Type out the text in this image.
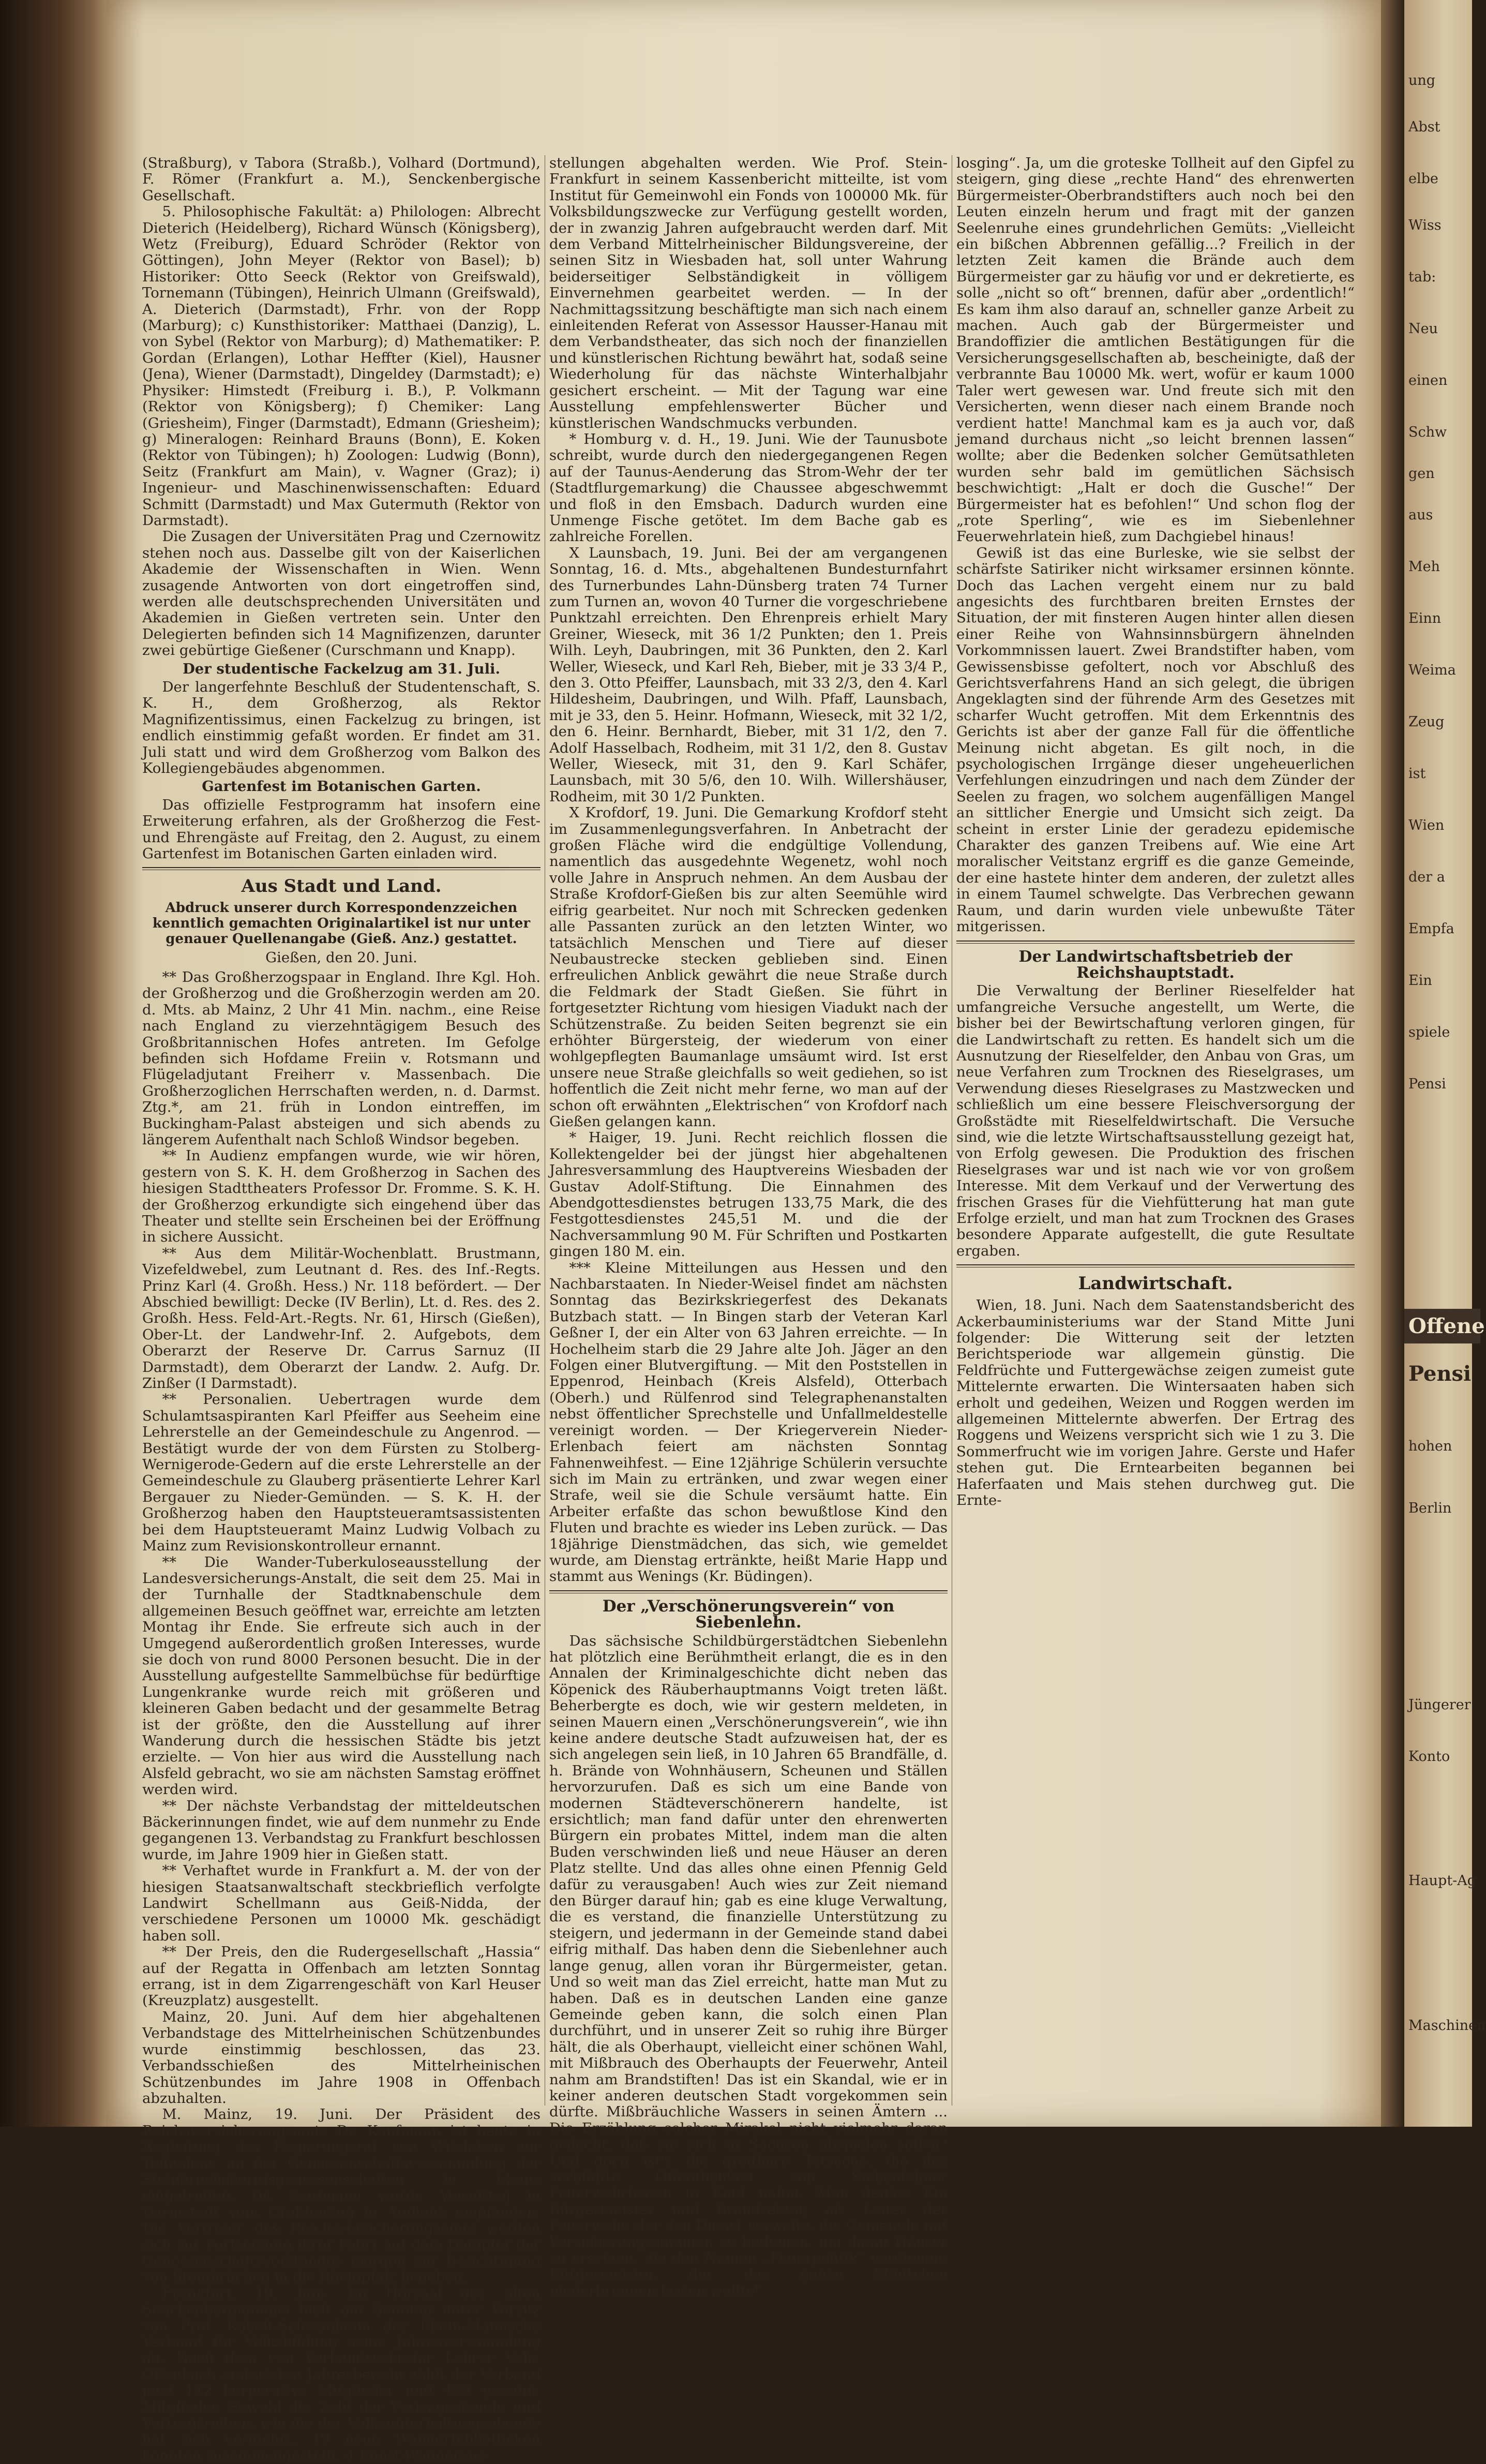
(Straßburg), v Tabora (Straßb.), Volhard (Dortmund), F. Römer (Frankfurt a. M.), Senckenbergische Gesellschaft.

5. Philosophische Fakultät: a) Philologen: Albrecht Dieterich (Heidelberg), Richard Wünsch (Königsberg), Wetz (Freiburg), Eduard Schröder (Rektor von Göttingen), John Meyer (Rektor von Basel); b) Historiker: Otto Seeck (Rektor von Greifswald), Tornemann (Tübingen), Heinrich Ulmann (Greifswald), A. Dieterich (Darmstadt), Frhr. von der Ropp (Marburg); c) Kunsthistoriker: Matthaei (Danzig), L. von Sybel (Rektor von Marburg); d) Mathematiker: P. Gordan (Erlangen), Lothar Heffter (Kiel), Hausner (Jena), Wiener (Darmstadt), Dingeldey (Darmstadt); e) Physiker: Himstedt (Freiburg i. B.), P. Volkmann (Rektor von Königsberg); f) Chemiker: Lang (Griesheim), Finger (Darmstadt), Edmann (Griesheim); g) Mineralogen: Reinhard Brauns (Bonn), E. Koken (Rektor von Tübingen); h) Zoologen: Ludwig (Bonn), Seitz (Frankfurt am Main), v. Wagner (Graz); i) Ingenieur- und Maschinenwissenschaften: Eduard Schmitt (Darmstadt) und Max Gutermuth (Rektor von Darmstadt).

Die Zusagen der Universitäten Prag und Czernowitz stehen noch aus. Dasselbe gilt von der Kaiserlichen Akademie der Wissenschaften in Wien. Wenn zusagende Antworten von dort eingetroffen sind, werden alle deutschsprechenden Universitäten und Akademien in Gießen vertreten sein. Unter den Delegierten befinden sich 14 Magnifizenzen, darunter zwei gebürtige Gießener (Curschmann und Knapp).

Der studentische Fackelzug am 31. Juli.

Der langerfehnte Beschluß der Studentenschaft, S. K. H., dem Großherzog, als Rektor Magnifizentissimus, einen Fackelzug zu bringen, ist endlich einstimmig gefaßt worden. Er findet am 31. Juli statt und wird dem Großherzog vom Balkon des Kollegiengebäudes abgenommen.

Gartenfest im Botanischen Garten.

Das offizielle Festprogramm hat insofern eine Erweiterung erfahren, als der Großherzog die Fest- und Ehrengäste auf Freitag, den 2. August, zu einem Gartenfest im Botanischen Garten einladen wird.

Aus Stadt und Land.
Abdruck unserer durch Korrespondenzzeichen kenntlich gemachten Originalartikel ist nur unter genauer Quellenangabe (Gieß. Anz.) gestattet.
Gießen, den 20. Juni.

** Das Großherzogspaar in England. Ihre Kgl. Hoh. der Großherzog und die Großherzogin werden am 20. d. Mts. ab Mainz, 2 Uhr 41 Min. nachm., eine Reise nach England zu vierzehntägigem Besuch des Großbritannischen Hofes antreten. Im Gefolge befinden sich Hofdame Freiin v. Rotsmann und Flügeladjutant Freiherr v. Massenbach. Die Großherzoglichen Herrschaften werden, n. d. Darmst. Ztg.*, am 21. früh in London eintreffen, im Buckingham-Palast absteigen und sich abends zu längerem Aufenthalt nach Schloß Windsor begeben.

** In Audienz empfangen wurde, wie wir hören, gestern von S. K. H. dem Großherzog in Sachen des hiesigen Stadttheaters Professor Dr. Fromme. S. K. H. der Großherzog erkundigte sich eingehend über das Theater und stellte sein Erscheinen bei der Eröffnung in sichere Aussicht.

** Aus dem Militär-Wochenblatt. Brustmann, Vizefeldwebel, zum Leutnant d. Res. des Inf.-Regts. Prinz Karl (4. Großh. Hess.) Nr. 118 befördert. — Der Abschied bewilligt: Decke (IV Berlin), Lt. d. Res. des 2. Großh. Hess. Feld-Art.-Regts. Nr. 61, Hirsch (Gießen), Ober-Lt. der Landwehr-Inf. 2. Aufgebots, dem Oberarzt der Reserve Dr. Carrus Sarnuz (II Darmstadt), dem Oberarzt der Landw. 2. Aufg. Dr. Zinßer (I Darmstadt).

** Personalien. Uebertragen wurde dem Schulamtsaspiranten Karl Pfeiffer aus Seeheim eine Lehrerstelle an der Gemeindeschule zu Angenrod. — Bestätigt wurde der von dem Fürsten zu Stolberg-Wernigerode-Gedern auf die erste Lehrerstelle an der Gemeindeschule zu Glauberg präsentierte Lehrer Karl Bergauer zu Nieder-Gemünden. — S. K. H. der Großherzog haben den Hauptsteueramtsassistenten bei dem Hauptsteueramt Mainz Ludwig Volbach zu Mainz zum Revisionskontrolleur ernannt.

** Die Wander-Tuberkuloseausstellung der Landesversicherungs-Anstalt, die seit dem 25. Mai in der Turnhalle der Stadtknabenschule dem allgemeinen Besuch geöffnet war, erreichte am letzten Montag ihr Ende. Sie erfreute sich auch in der Umgegend außerordentlich großen Interesses, wurde sie doch von rund 8000 Personen besucht. Die in der Ausstellung aufgestellte Sammelbüchse für bedürftige Lungenkranke wurde reich mit größeren und kleineren Gaben bedacht und der gesammelte Betrag ist der größte, den die Ausstellung auf ihrer Wanderung durch die hessischen Städte bis jetzt erzielte. — Von hier aus wird die Ausstellung nach Alsfeld gebracht, wo sie am nächsten Samstag eröffnet werden wird.

** Der nächste Verbandstag der mitteldeutschen Bäckerinnungen findet, wie auf dem nunmehr zu Ende gegangenen 13. Verbandstag zu Frankfurt beschlossen wurde, im Jahre 1909 hier in Gießen statt.

** Verhaftet wurde in Frankfurt a. M. der von der hiesigen Staatsanwaltschaft steckbrieflich verfolgte Landwirt Schellmann aus Geiß-Nidda, der verschiedene Personen um 10000 Mk. geschädigt haben soll.

** Der Preis, den die Rudergesellschaft „Hassia“ auf der Regatta in Offenbach am letzten Sonntag errang, ist in dem Zigarrengeschäft von Karl Heuser (Kreuzplatz) ausgestellt.

Mainz, 20. Juni. Auf dem hier abgehaltenen Verbandstage des Mittelrheinischen Schützenbundes wurde einstimmig beschlossen, das 23. Verbandsschießen des Mittelrheinischen Schützenbundes im Jahre 1908 in Offenbach abzuhalten.

M. Mainz, 19. Juni. Der Präsident des Reichsversicherungsamts Dr. Kaufmann ist heute in Begleitung des Regierungsrat von Witzleben zur Teilnahme an der Genossenschaftsversammlung der Steinbruchsberufsgenossenschaften in Mainz eingetroffen. Dr. Kaufmann wurde Vormittag in Darmstadt vom Großherzog in Audienz empfangen. Die Vertreter des Reichsversicherungsamts werden sich zur Fortsetzung ihrer Fahrt auf dem Dampfer der Genossenschaftsvorstandes morgen zur Besichtigung von Steinbrüchen in die Rheinpfalz begeben.

Frankfurt, 19. Juni. Im Hörsaal des alten Senckenbergianums hielt am Sonntag unter Vorsitz von Prof. Kobelt-Schwanheim der Rhein-Mainische Verband für Volksbildung seine Jahresversammlung ab. Nach dem von Verbandssekretär Lehrer Volk-Offenbach erstatteten Jahresbericht zählt der Verband jetzt 112 korporative Mitglieder und 488 persönl. Mitglieder. Sowohl die Zahl der Vortragsabende und Vortragsreihen, wie die der Volksunterhaltungsabende hat sich vermehrt, 19 neue Wanderbibliotheken konnten zusammengestellt, 4 Kunst-Wanderaus-

stellungen abgehalten werden. Wie Prof. Stein-Frankfurt in seinem Kassenbericht mitteilte, ist vom Institut für Gemeinwohl ein Fonds von 100000 Mk. für Volksbildungszwecke zur Verfügung gestellt worden, der in zwanzig Jahren aufgebraucht werden darf. Mit dem Verband Mittelrheinischer Bildungsvereine, der seinen Sitz in Wiesbaden hat, soll unter Wahrung beiderseitiger Selbständigkeit in völligem Einvernehmen gearbeitet werden. — In der Nachmittagssitzung beschäftigte man sich nach einem einleitenden Referat von Assessor Hausser-Hanau mit dem Verbandstheater, das sich noch der finanziellen und künstlerischen Richtung bewährt hat, sodaß seine Wiederholung für das nächste Winterhalbjahr gesichert erscheint. — Mit der Tagung war eine Ausstellung empfehlenswerter Bücher und künstlerischen Wandschmucks verbunden.

* Homburg v. d. H., 19. Juni. Wie der Taunusbote schreibt, wurde durch den niedergegangenen Regen auf der Taunus-Aenderung das Strom-Wehr der ter (Stadtflurgemarkung) die Chaussee abgeschwemmt und floß in den Emsbach. Dadurch wurden eine Unmenge Fische getötet. Im dem Bache gab es zahlreiche Forellen.

X Launsbach, 19. Juni. Bei der am vergangenen Sonntag, 16. d. Mts., abgehaltenen Bundesturnfahrt des Turnerbundes Lahn-Dünsberg traten 74 Turner zum Turnen an, wovon 40 Turner die vorgeschriebene Punktzahl erreichten. Den Ehrenpreis erhielt Mary Greiner, Wieseck, mit 36 1/2 Punkten; den 1. Preis Wilh. Leyh, Daubringen, mit 36 Punkten, den 2. Karl Weller, Wieseck, und Karl Reh, Bieber, mit je 33 3/4 P., den 3. Otto Pfeiffer, Launsbach, mit 33 2/3, den 4. Karl Hildesheim, Daubringen, und Wilh. Pfaff, Launsbach, mit je 33, den 5. Heinr. Hofmann, Wieseck, mit 32 1/2, den 6. Heinr. Bernhardt, Bieber, mit 31 1/2, den 7. Adolf Hasselbach, Rodheim, mit 31 1/2, den 8. Gustav Weller, Wieseck, mit 31, den 9. Karl Schäfer, Launsbach, mit 30 5/6, den 10. Wilh. Willershäuser, Rodheim, mit 30 1/2 Punkten.

X Krofdorf, 19. Juni. Die Gemarkung Krofdorf steht im Zusammenlegungsverfahren. In Anbetracht der großen Fläche wird die endgültige Vollendung, namentlich das ausgedehnte Wegenetz, wohl noch volle Jahre in Anspruch nehmen. An dem Ausbau der Straße Krofdorf-Gießen bis zur alten Seemühle wird eifrig gearbeitet. Nur noch mit Schrecken gedenken alle Passanten zurück an den letzten Winter, wo tatsächlich Menschen und Tiere auf dieser Neubaustrecke stecken geblieben sind. Einen erfreulichen Anblick gewährt die neue Straße durch die Feldmark der Stadt Gießen. Sie führt in fortgesetzter Richtung vom hiesigen Viadukt nach der Schützenstraße. Zu beiden Seiten begrenzt sie ein erhöhter Bürgersteig, der wiederum von einer wohlgepflegten Baumanlage umsäumt wird. Ist erst unsere neue Straße gleichfalls so weit gediehen, so ist hoffentlich die Zeit nicht mehr ferne, wo man auf der schon oft erwähnten „Elektrischen“ von Krofdorf nach Gießen gelangen kann.

* Haiger, 19. Juni. Recht reichlich flossen die Kollektengelder bei der jüngst hier abgehaltenen Jahresversammlung des Hauptvereins Wiesbaden der Gustav Adolf-Stiftung. Die Einnahmen des Abendgottesdienstes betrugen 133,75 Mark, die des Festgottesdienstes 245,51 M. und die der Nachversammlung 90 M. Für Schriften und Postkarten gingen 180 M. ein.

*** Kleine Mitteilungen aus Hessen und den Nachbarstaaten. In Nieder-Weisel findet am nächsten Sonntag das Bezirkskriegerfest des Dekanats Butzbach statt. — In Bingen starb der Veteran Karl Geßner I, der ein Alter von 63 Jahren erreichte. — In Hochelheim starb die 29 Jahre alte Joh. Jäger an den Folgen einer Blutvergiftung. — Mit den Poststellen in Eppenrod, Heinbach (Kreis Alsfeld), Otterbach (Oberh.) und Rülfenrod sind Telegraphenanstalten nebst öffentlicher Sprechstelle und Unfallmeldestelle vereinigt worden. — Der Kriegerverein Nieder-Erlenbach feiert am nächsten Sonntag Fahnenweihfest. — Eine 12jährige Schülerin versuchte sich im Main zu ertränken, und zwar wegen einer Strafe, weil sie die Schule versäumt hatte. Ein Arbeiter erfaßte das schon bewußtlose Kind den Fluten und brachte es wieder ins Leben zurück. — Das 18jährige Dienstmädchen, das sich, wie gemeldet wurde, am Dienstag ertränkte, heißt Marie Happ und stammt aus Wenings (Kr. Büdingen).

Der „Verschönerungsverein“ von Siebenlehn.

Das sächsische Schildbürgerstädtchen Siebenlehn hat plötzlich eine Berühmtheit erlangt, die es in den Annalen der Kriminalgeschichte dicht neben das Köpenick des Räuberhauptmanns Voigt treten läßt. Beherbergte es doch, wie wir gestern meldeten, in seinen Mauern einen „Verschönerungsverein“, wie ihn keine andere deutsche Stadt aufzuweisen hat, der es sich angelegen sein ließ, in 10 Jahren 65 Brandfälle, d. h. Brände von Wohnhäusern, Scheunen und Ställen hervorzurufen. Daß es sich um eine Bande von modernen Städteverschönerern handelte, ist ersichtlich; man fand dafür unter den ehrenwerten Bürgern ein probates Mittel, indem man die alten Buden verschwinden ließ und neue Häuser an deren Platz stellte. Und das alles ohne einen Pfennig Geld dafür zu verausgaben! Auch wies zur Zeit niemand den Bürger darauf hin; gab es eine kluge Verwaltung, die es verstand, die finanzielle Unterstützung zu steigern, und jedermann in der Gemeinde stand dabei eifrig mithalf. Das haben denn die Siebenlehner auch lange genug, allen voran ihr Bürgermeister, getan. Und so weit man das Ziel erreicht, hatte man Mut zu haben. Daß es in deutschen Landen eine ganze Gemeinde geben kann, die solch einen Plan durchführt, und in unserer Zeit so ruhig ihre Bürger hält, die als Oberhaupt, vielleicht einer schönen Wahl, mit Mißbrauch des Oberhaupts der Feuerwehr, Anteil nahm am Brandstiften! Das ist ein Skandal, wie er in keiner anderen deutschen Stadt vorgekommen sein dürfte. Mißbräuchliche Wassers in seinen Ämtern ... Die Erzählung solcher Mirakel nicht vielmehr daran gedacht, daß sie sich in Sachsen abspielen sollen? Und doch ist's die greifbare Tatsache, die das verblüffte Öffentlichkeit von Siebenlehner Feuerwehrfesten in Kauf nahm. Man denke: Ein Bürgermeister und Brandrektor, als Leiter der Feuerwehr, der den Dienst verwalte, die Gemeinde mit Versicherungssummen zu bedienen, um damit Häuser zu ersetzen, die den Namen „Feuerpolitik“ verdienen; Bürgermeister, der das ganze Städtchen niederbrennen lassen wollte!

losging“. Ja, um die groteske Tollheit auf den Gipfel zu steigern, ging diese „rechte Hand“ des ehrenwerten Bürgermeister-Oberbrandstifters auch noch bei den Leuten einzeln herum und fragt mit der ganzen Seelenruhe eines grundehrlichen Gemüts: „Vielleicht ein bißchen Abbrennen gefällig...? Freilich in der letzten Zeit kamen die Brände auch dem Bürgermeister gar zu häufig vor und er dekretierte, es solle „nicht so oft“ brennen, dafür aber „ordentlich!“ Es kam ihm also darauf an, schneller ganze Arbeit zu machen. Auch gab der Bürgermeister und Brandoffizier die amtlichen Bestätigungen für die Versicherungsgesellschaften ab, bescheinigte, daß der verbrannte Bau 10000 Mk. wert, wofür er kaum 1000 Taler wert gewesen war. Und freute sich mit den Versicherten, wenn dieser nach einem Brande noch verdient hatte! Manchmal kam es ja auch vor, daß jemand durchaus nicht „so leicht brennen lassen“ wollte; aber die Bedenken solcher Gemütsathleten wurden sehr bald im gemütlichen Sächsisch beschwichtigt: „Halt er doch die Gusche!“ Der Bürgermeister hat es befohlen!“ Und schon flog der „rote Sperling“, wie es im Siebenlehner Feuerwehrlatein hieß, zum Dachgiebel hinaus!

Gewiß ist das eine Burleske, wie sie selbst der schärfste Satiriker nicht wirksamer ersinnen könnte. Doch das Lachen vergeht einem nur zu bald angesichts des furchtbaren breiten Ernstes der Situation, der mit finsteren Augen hinter allen diesen einer Reihe von Wahnsinnsbürgern ähnelnden Vorkommnissen lauert. Zwei Brandstifter haben, vom Gewissensbisse gefoltert, noch vor Abschluß des Gerichtsverfahrens Hand an sich gelegt, die übrigen Angeklagten sind der führende Arm des Gesetzes mit scharfer Wucht getroffen. Mit dem Erkenntnis des Gerichts ist aber der ganze Fall für die öffentliche Meinung nicht abgetan. Es gilt noch, in die psychologischen Irrgänge dieser ungeheuerlichen Verfehlungen einzudringen und nach dem Zünder der Seelen zu fragen, wo solchem augenfälligen Mangel an sittlicher Energie und Umsicht sich zeigt. Da scheint in erster Linie der geradezu epidemische Charakter des ganzen Treibens auf. Wie eine Art moralischer Veitstanz ergriff es die ganze Gemeinde, der eine hastete hinter dem anderen, der zuletzt alles in einem Taumel schwelgte. Das Verbrechen gewann Raum, und darin wurden viele unbewußte Täter mitgerissen.

Der Landwirtschaftsbetrieb der Reichshauptstadt.

Die Verwaltung der Berliner Rieselfelder hat umfangreiche Versuche angestellt, um Werte, die bisher bei der Bewirtschaftung verloren gingen, für die Landwirtschaft zu retten. Es handelt sich um die Ausnutzung der Rieselfelder, den Anbau von Gras, um neue Verfahren zum Trocknen des Rieselgrases, um Verwendung dieses Rieselgrases zu Mastzwecken und schließlich um eine bessere Fleischversorgung der Großstädte mit Rieselfeldwirtschaft. Die Versuche sind, wie die letzte Wirtschaftsausstellung gezeigt hat, von Erfolg gewesen. Die Produktion des frischen Rieselgrases war und ist nach wie vor von großem Interesse. Mit dem Verkauf und der Verwertung des frischen Grases für die Viehfütterung hat man gute Erfolge erzielt, und man hat zum Trocknen des Grases besondere Apparate aufgestellt, die gute Resultate ergaben.

Landwirtschaft.

Wien, 18. Juni. Nach dem Saatenstandsbericht des Ackerbauministeriums war der Stand Mitte Juni folgender: Die Witterung seit der letzten Berichtsperiode war allgemein günstig. Die Feldfrüchte und Futtergewächse zeigen zumeist gute Mittelernte erwarten. Die Wintersaaten haben sich erholt und gedeihen, Weizen und Roggen werden im allgemeinen Mittelernte abwerfen. Der Ertrag des Roggens und Weizens verspricht sich wie 1 zu 3. Die Sommerfrucht wie im vorigen Jahre. Gerste und Hafer stehen gut. Die Erntearbeiten begannen bei Haferfaaten und Mais stehen durchweg gut. Die Ernte-

Offene
Pensi
ung
Abst
elbe
Wiss
tab:
Neu
einen
Schw
gen
aus
Meh
Einn
Weima
Zeug
ist
Wien
der a
Empfa
Ein
spiele
Pensi
hohen
Berlin
Jüngerer
Konto
Haupt-Ag
Maschinen
